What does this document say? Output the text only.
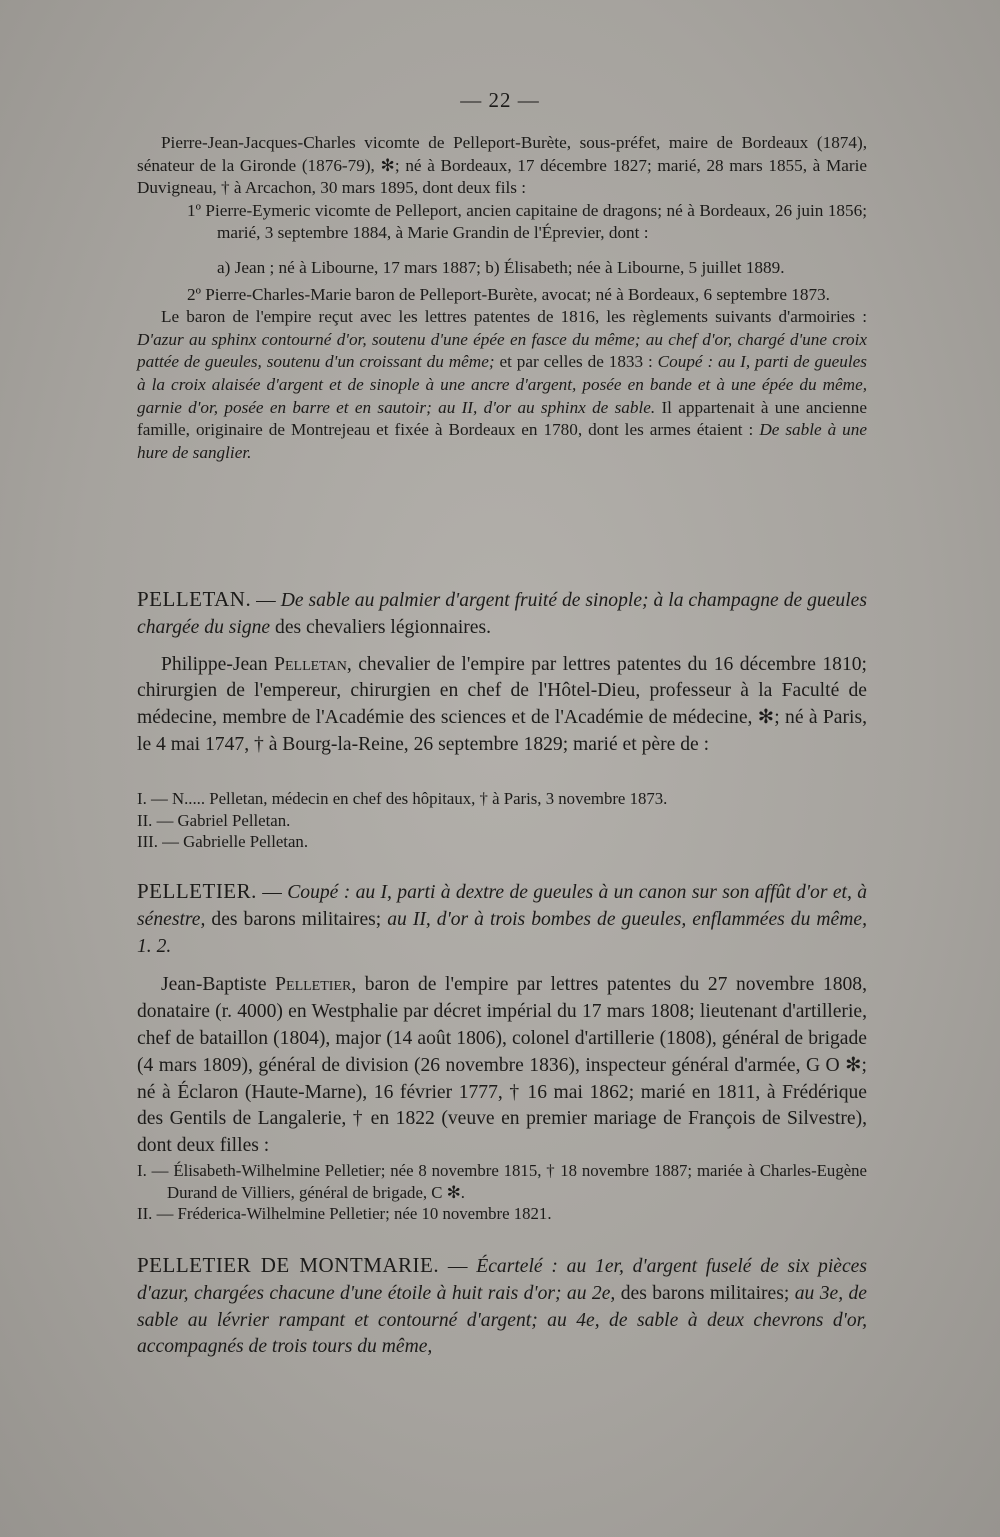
— 22 —

Pierre-Jean-Jacques-Charles vicomte de Pelleport-Burète, sous-préfet, maire de Bordeaux (1874), sénateur de la Gironde (1876-79), ✻; né à Bordeaux, 17 décembre 1827; marié, 28 mars 1855, à Marie Duvigneau, † à Arcachon, 30 mars 1895, dont deux fils :

1º Pierre-Eymeric vicomte de Pelleport, ancien capitaine de dragons; né à Bordeaux, 26 juin 1856; marié, 3 septembre 1884, à Marie Grandin de l'Éprevier, dont :

a) Jean ; né à Libourne, 17 mars 1887; b) Élisabeth; née à Libourne, 5 juillet 1889.

2º Pierre-Charles-Marie baron de Pelleport-Burète, avocat; né à Bordeaux, 6 septembre 1873.

Le baron de l'empire reçut avec les lettres patentes de 1816, les règlements suivants d'armoiries : D'azur au sphinx contourné d'or, soutenu d'une épée en fasce du même; au chef d'or, chargé d'une croix pattée de gueules, soutenu d'un croissant du même; et par celles de 1833 : Coupé : au I, parti de gueules à la croix alaisée d'argent et de sinople à une ancre d'argent, posée en bande et à une épée du même, garnie d'or, posée en barre et en sautoir; au II, d'or au sphinx de sable. Il appartenait à une ancienne famille, originaire de Montrejeau et fixée à Bordeaux en 1780, dont les armes étaient : De sable à une hure de sanglier.

PELLETAN. — De sable au palmier d'argent fruité de sinople; à la champagne de gueules chargée du signe des chevaliers légionnaires.

Philippe-Jean Pelletan, chevalier de l'empire par lettres patentes du 16 décembre 1810; chirurgien de l'empereur, chirurgien en chef de l'Hôtel-Dieu, professeur à la Faculté de médecine, membre de l'Académie des sciences et de l'Académie de médecine, ✻; né à Paris, le 4 mai 1747, † à Bourg-la-Reine, 26 septembre 1829; marié et père de :

I. — N..... Pelletan, médecin en chef des hôpitaux, † à Paris, 3 novembre 1873.
II. — Gabriel Pelletan.
III. — Gabrielle Pelletan.

PELLETIER. — Coupé : au I, parti à dextre de gueules à un canon sur son affût d'or et, à sénestre, des barons militaires; au II, d'or à trois bombes de gueules, enflammées du même, 1. 2.

Jean-Baptiste Pelletier, baron de l'empire par lettres patentes du 27 novembre 1808, donataire (r. 4000) en Westphalie par décret impérial du 17 mars 1808; lieutenant d'artillerie, chef de bataillon (1804), major (14 août 1806), colonel d'artillerie (1808), général de brigade (4 mars 1809), général de division (26 novembre 1836), inspecteur général d'armée, G O ✻; né à Éclaron (Haute-Marne), 16 février 1777, † 16 mai 1862; marié en 1811, à Frédérique des Gentils de Langalerie, † en 1822 (veuve en premier mariage de François de Silvestre), dont deux filles :

I. — Élisabeth-Wilhelmine Pelletier; née 8 novembre 1815, † 18 novembre 1887; mariée à Charles-Eugène Durand de Villiers, général de brigade, C ✻.
II. — Fréderica-Wilhelmine Pelletier; née 10 novembre 1821.

PELLETIER DE MONTMARIE. — Écartelé : au 1er, d'argent fuselé de six pièces d'azur, chargées chacune d'une étoile à huit rais d'or; au 2e, des barons militaires; au 3e, de sable au lévrier rampant et contourné d'argent; au 4e, de sable à deux chevrons d'or, accompagnés de trois tours du même,
